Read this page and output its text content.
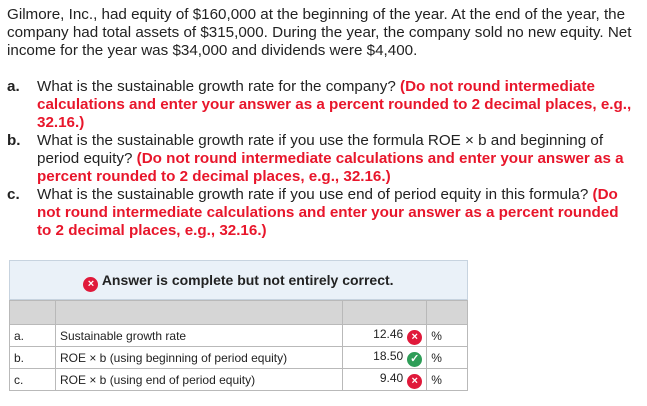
Gilmore, Inc., had equity of $160,000 at the beginning of the year. At the end of the year, the company had total assets of $315,000. During the year, the company sold no new equity. Net income for the year was $34,000 and dividends were $4,400.

a. What is the sustainable growth rate for the company? (Do not round intermediate calculations and enter your answer as a percent rounded to 2 decimal places, e.g., 32.16.)
b. What is the sustainable growth rate if you use the formula ROE × b and beginning of period equity? (Do not round intermediate calculations and enter your answer as a percent rounded to 2 decimal places, e.g., 32.16.)
c. What is the sustainable growth rate if you use end of period equity in this formula? (Do not round intermediate calculations and enter your answer as a percent rounded to 2 decimal places, e.g., 32.16.)
× Answer is complete but not entirely correct.

a.	Sustainable growth rate	12.46 ×	%
b.	ROE × b (using beginning of period equity)	18.50 ✓	%
c.	ROE × b (using end of period equity)	9.40 ×	%
